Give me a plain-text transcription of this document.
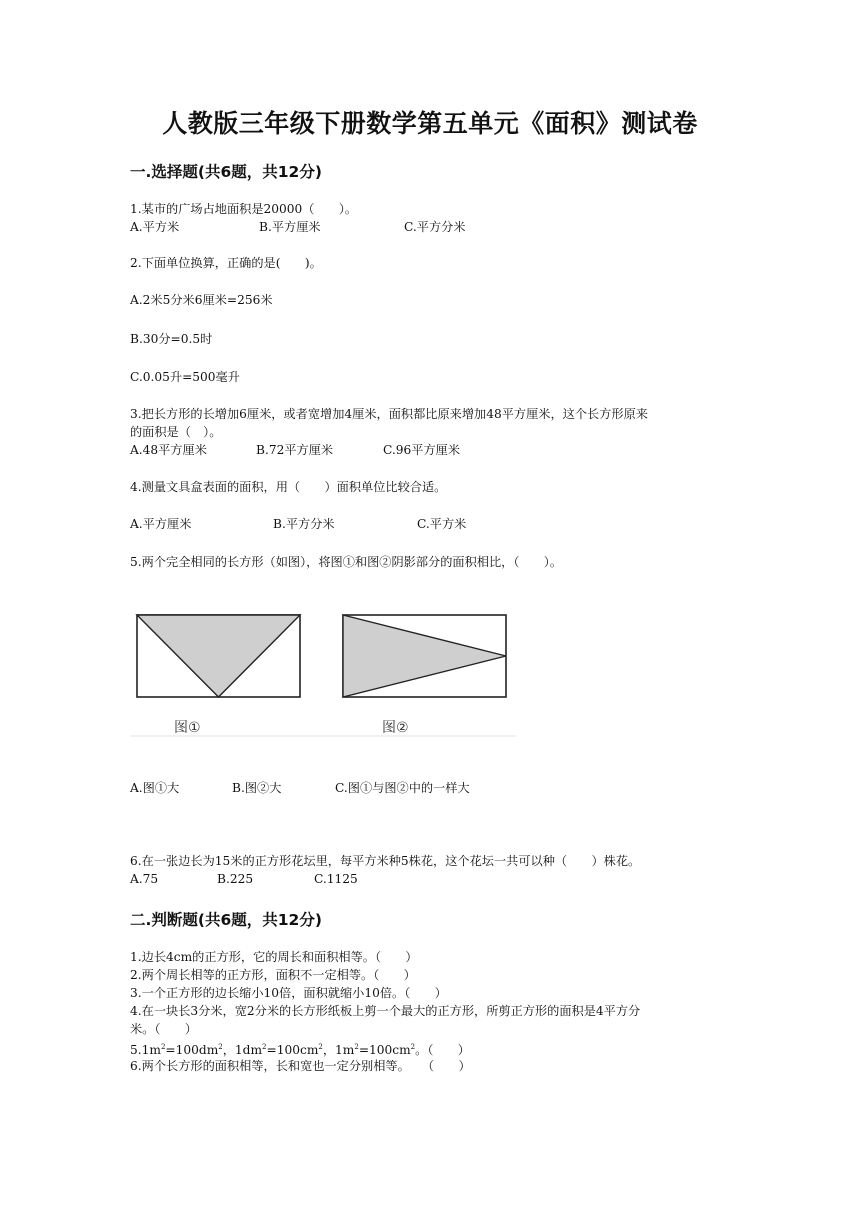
人教版三年级下册数学第五单元《面积》测试卷
一.选择题(共6题，共12分)
1.某市的广场占地面积是20000（　　）。
A.平方米	B.平方厘米	C.平方分米
2.下面单位换算，正确的是(　　)。
A.2米5分米6厘米=256米
B.30分=0.5时
C.0.05升=500毫升
3.把长方形的长增加6厘米，或者宽增加4厘米，面积都比原来增加48平方厘米，这个长方形原来
的面积是（　）。
A.48平方厘米	B.72平方厘米	C.96平方厘米
4.测量文具盒表面的面积，用（　　）面积单位比较合适。
A.平方厘米	B.平方分米	C.平方米
5.两个完全相同的长方形（如图），将图①和图②阴影部分的面积相比，（　　）。
图①	图②
A.图①大	B.图②大	C.图①与图②中的一样大
6.在一张边长为15米的正方形花坛里，每平方米种5株花，这个花坛一共可以种（　　）株花。
A.75	B.225	C.1125
二.判断题(共6题，共12分)
1.边长4cm的正方形，它的周长和面积相等。（　　）
2.两个周长相等的正方形，面积不一定相等。（　　）
3.一个正方形的边长缩小10倍，面积就缩小10倍。（　　）
4.在一块长3分米，宽2分米的长方形纸板上剪一个最大的正方形，所剪正方形的面积是4平方分
米。（　　）
$5.1m^2=100dm^2$，$1dm^2=100cm^2$，$1m^2=100cm^2$。（　　）
6.两个长方形的面积相等，长和宽也一定分别相等。　　（　　）
